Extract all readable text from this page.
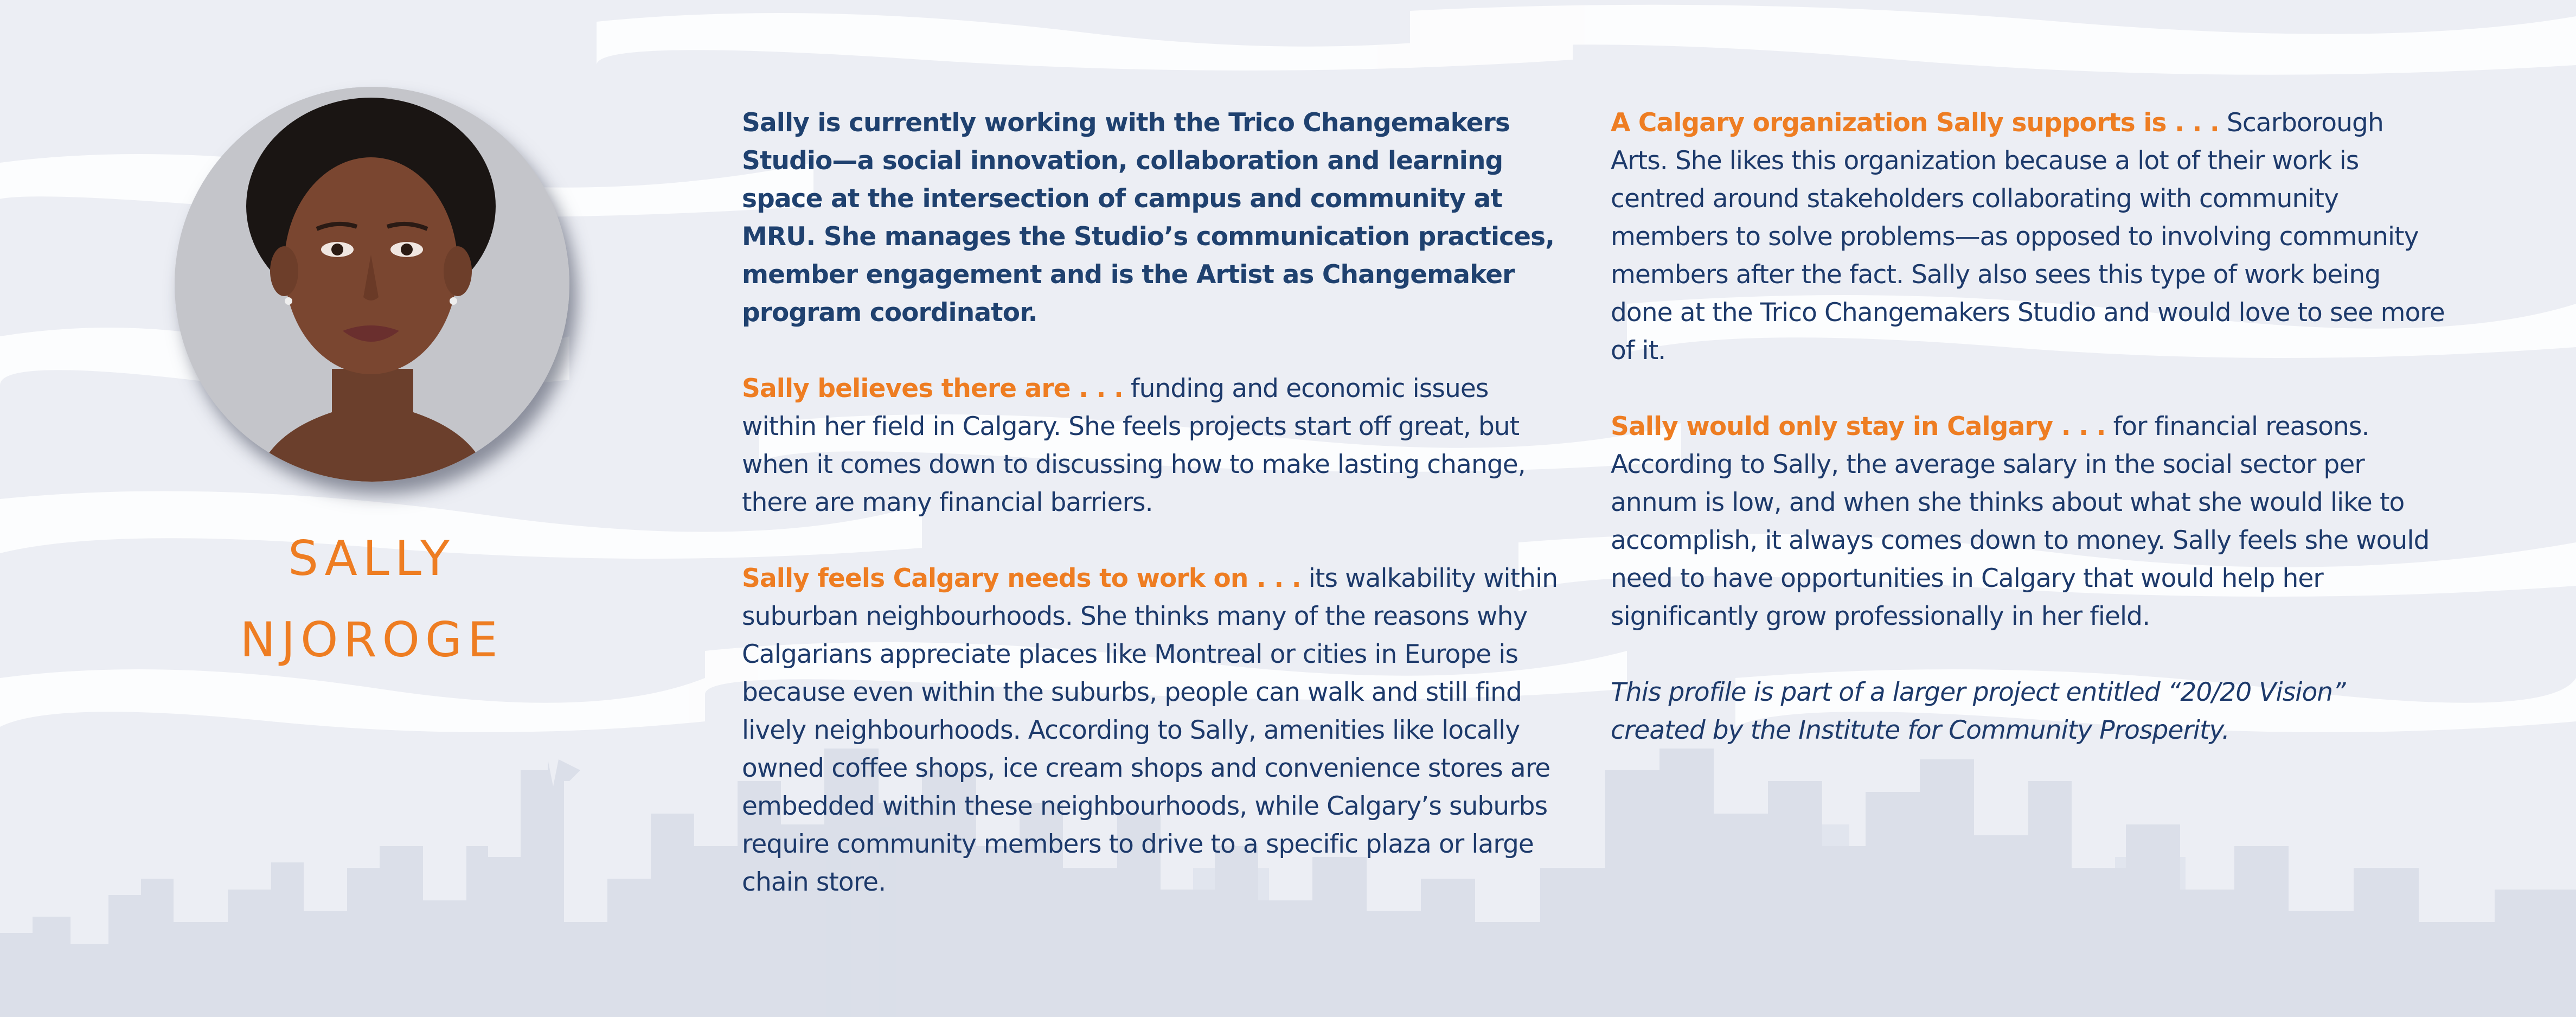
SALLY
NJOROGE

Sally is currently working with the Trico Changemakers Studio—a social innovation, collaboration and learning space at the intersection of campus and community at MRU. She manages the Studio’s communication practices, member engagement and is the Artist as Changemaker program coordinator.

Sally believes there are . . . funding and economic issues within her field in Calgary. She feels projects start off great, but when it comes down to discussing how to make lasting change, there are many financial barriers.

Sally feels Calgary needs to work on . . . its walkability within suburban neighbourhoods. She thinks many of the reasons why Calgarians appreciate places like Montreal or cities in Europe is because even within the suburbs, people can walk and still find lively neighbourhoods. According to Sally, amenities like locally owned coffee shops, ice cream shops and convenience stores are embedded within these neighbourhoods, while Calgary’s suburbs require community members to drive to a specific plaza or large chain store.

A Calgary organization Sally supports is . . . Scarborough Arts. She likes this organization because a lot of their work is centred around stakeholders collaborating with community members to solve problems—as opposed to involving community members after the fact. Sally also sees this type of work being done at the Trico Changemakers Studio and would love to see more of it.

Sally would only stay in Calgary . . . for financial reasons. According to Sally, the average salary in the social sector per annum is low, and when she thinks about what she would like to accomplish, it always comes down to money. Sally feels she would need to have opportunities in Calgary that would help her significantly grow professionally in her field.

This profile is part of a larger project entitled “20/20 Vision” created by the Institute for Community Prosperity.
